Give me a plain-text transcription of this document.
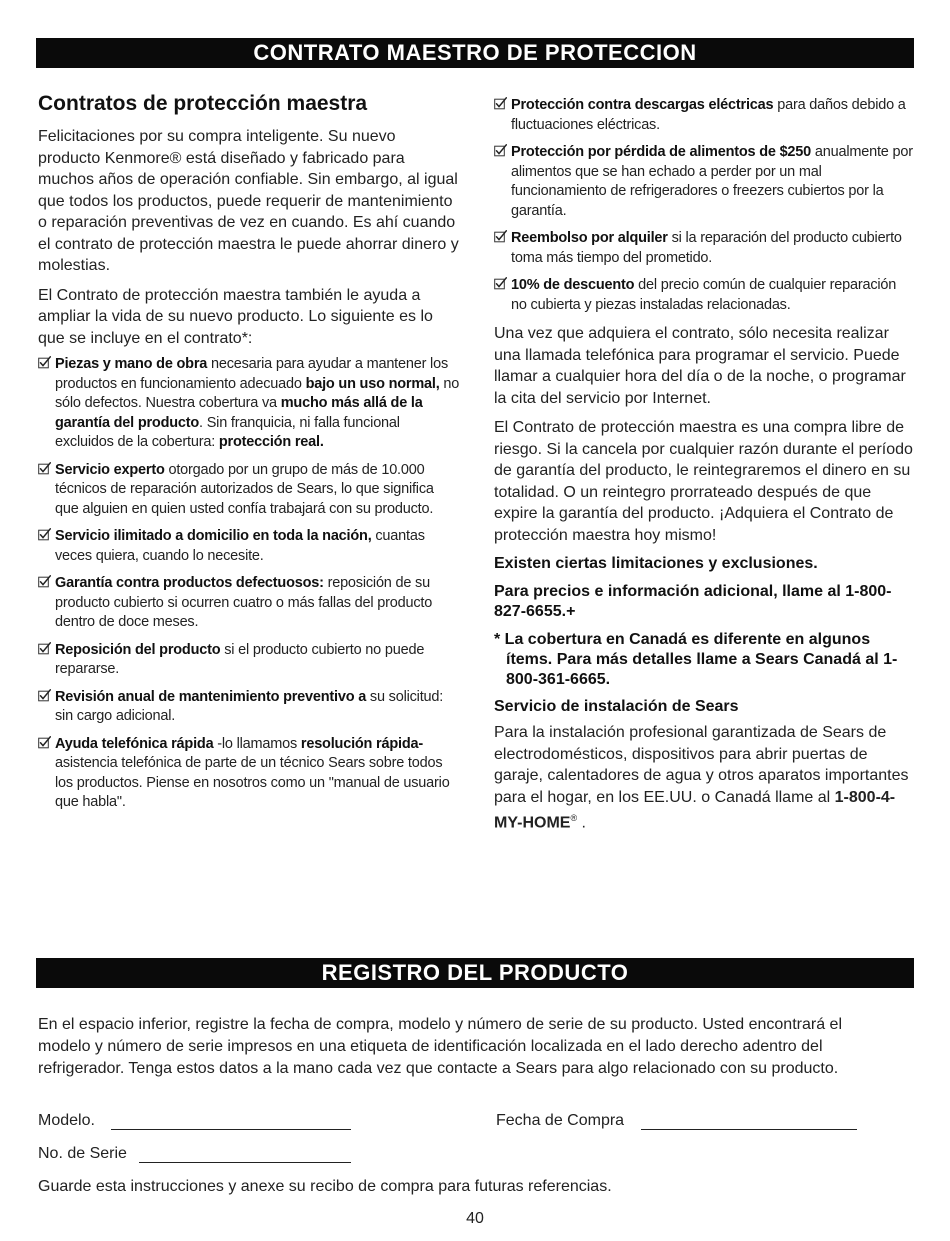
CONTRATO MAESTRO DE PROTECCION
Contratos de protección maestra

Felicitaciones por su compra inteligente. Su nuevo producto Kenmore® está diseñado y fabricado para muchos años de operación confiable. Sin embargo, al igual que todos los productos, puede requerir de mantenimiento o reparación preventivas de vez en cuando. Es ahí cuando el contrato de protección maestra le puede ahorrar dinero y molestias.

El Contrato de protección maestra también le ayuda a ampliar la vida de su nuevo producto. Lo siguiente es lo que se incluye en el contrato*:

Piezas y mano de obra necesaria para ayudar a mantener los productos en funcionamiento adecuado bajo un uso normal, no sólo defectos. Nuestra cobertura va mucho más allá de la garantía del producto. Sin franquicia, ni falla funcional excluidos de la cobertura: protección real.
Servicio experto otorgado por un grupo de más de 10.000 técnicos de reparación autorizados de Sears, lo que significa que alguien en quien usted confía trabajará con su producto.
Servicio ilimitado a domicilio en toda la nación, cuantas veces quiera, cuando lo necesite.
Garantía contra productos defectuosos: reposición de su producto cubierto si ocurren cuatro o más fallas del producto dentro de doce meses.
Reposición del producto si el producto cubierto no puede repararse.
Revisión anual de mantenimiento preventivo a su solicitud: sin cargo adicional.
Ayuda telefónica rápida -lo llamamos resolución rápida- asistencia telefónica de parte de un técnico Sears sobre todos los productos. Piense en nosotros como un "manual de usuario que habla".
Protección contra descargas eléctricas para daños debido a fluctuaciones eléctricas.
Protección por pérdida de alimentos de $250 anualmente por alimentos que se han echado a perder por un mal funcionamiento de refrigeradores o freezers cubiertos por la garantía.
Reembolso por alquiler si la reparación del producto cubierto toma más tiempo del prometido.
10% de descuento del precio común de cualquier reparación no cubierta y piezas instaladas relacionadas.

Una vez que adquiera el contrato, sólo necesita realizar una llamada telefónica para programar el servicio. Puede llamar a cualquier hora del día o de la noche, o programar la cita del servicio por Internet.

El Contrato de protección maestra es una compra libre de riesgo. Si la cancela por cualquier razón durante el período de garantía del producto, le reintegraremos el dinero en su totalidad. O un reintegro prorrateado después de que expire la garantía del producto. ¡Adquiera el Contrato de protección maestra hoy mismo!

Existen ciertas limitaciones y exclusiones.

Para precios e información adicional, llame al 1-800-827-6655.+

* La cobertura en Canadá es diferente en algunos ítems. Para más detalles llame a Sears Canadá al 1-800-361-6665.

Servicio de instalación de Sears

Para la instalación profesional garantizada de Sears de electrodomésticos, dispositivos para abrir puertas de garaje, calentadores de agua y otros aparatos importantes para el hogar, en los EE.UU. o Canadá llame al 1-800-4-MY-HOME® .

REGISTRO DEL PRODUCTO

En el espacio inferior, registre la fecha de compra, modelo y número de serie de su producto. Usted encontrará el modelo y número de serie impresos en una etiqueta de identificación localizada en el lado derecho adentro del refrigerador. Tenga estos datos a la mano cada vez que contacte a Sears para algo relacionado con su producto.

Modelo.	Fecha de Compra
No. de Serie
Guarde esta instrucciones y anexe su recibo de compra para futuras referencias.
40
